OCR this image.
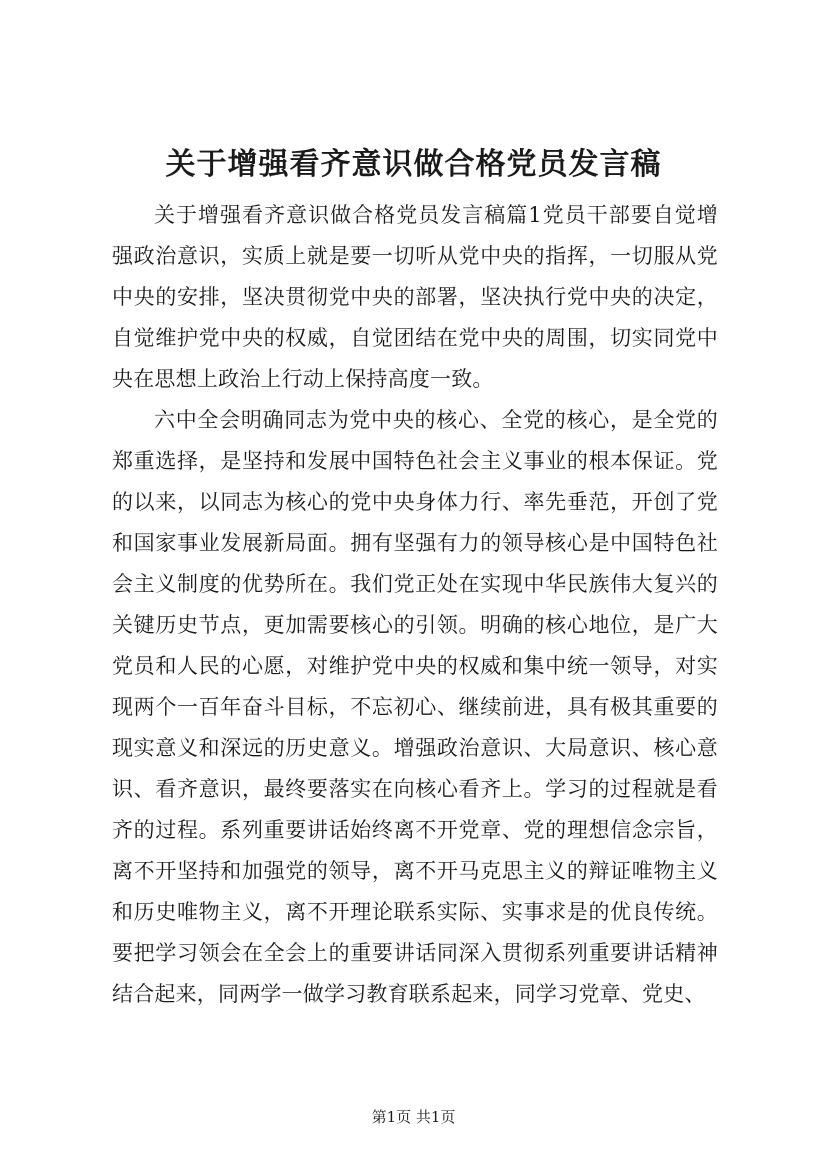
关于增强看齐意识做合格党员发言稿

关于增强看齐意识做合格党员发言稿篇1党员干部要自觉增强政治意识，实质上就是要一切听从党中央的指挥，一切服从党中央的安排，坚决贯彻党中央的部署，坚决执行党中央的决定，自觉维护党中央的权威，自觉团结在党中央的周围，切实同党中央在思想上政治上行动上保持高度一致。

六中全会明确同志为党中央的核心、全党的核心，是全党的郑重选择，是坚持和发展中国特色社会主义事业的根本保证。党的以来，以同志为核心的党中央身体力行、率先垂范，开创了党和国家事业发展新局面。拥有坚强有力的领导核心是中国特色社会主义制度的优势所在。我们党正处在实现中华民族伟大复兴的关键历史节点，更加需要核心的引领。明确的核心地位，是广大党员和人民的心愿，对维护党中央的权威和集中统一领导，对实现两个一百年奋斗目标，不忘初心、继续前进，具有极其重要的现实意义和深远的历史意义。增强政治意识、大局意识、核心意识、看齐意识，最终要落实在向核心看齐上。学习的过程就是看齐的过程。系列重要讲话始终离不开党章、党的理想信念宗旨，离不开坚持和加强党的领导，离不开马克思主义的辩证唯物主义和历史唯物主义，离不开理论联系实际、实事求是的优良传统。要把学习领会在全会上的重要讲话同深入贯彻系列重要讲话精神结合起来，同两学一做学习教育联系起来，同学习党章、党史、

第1页 共1页
